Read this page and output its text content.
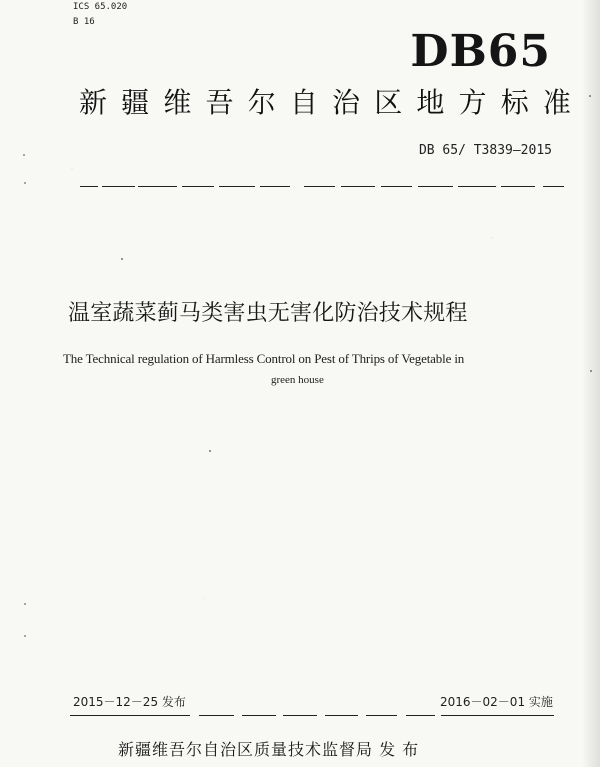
ICS 65.020
B 16
DB65
新 疆 维 吾 尔 自 治 区 地 方 标 准
DB 65/ T3839—2015
温室蔬菜蓟马类害虫无害化防治技术规程
The Technical regulation of Harmless Control on Pest of Thrips of Vegetable in
green house
2015－12－25 发布	2016－02－01 实施
新疆维吾尔自治区质量技术监督局 发 布
